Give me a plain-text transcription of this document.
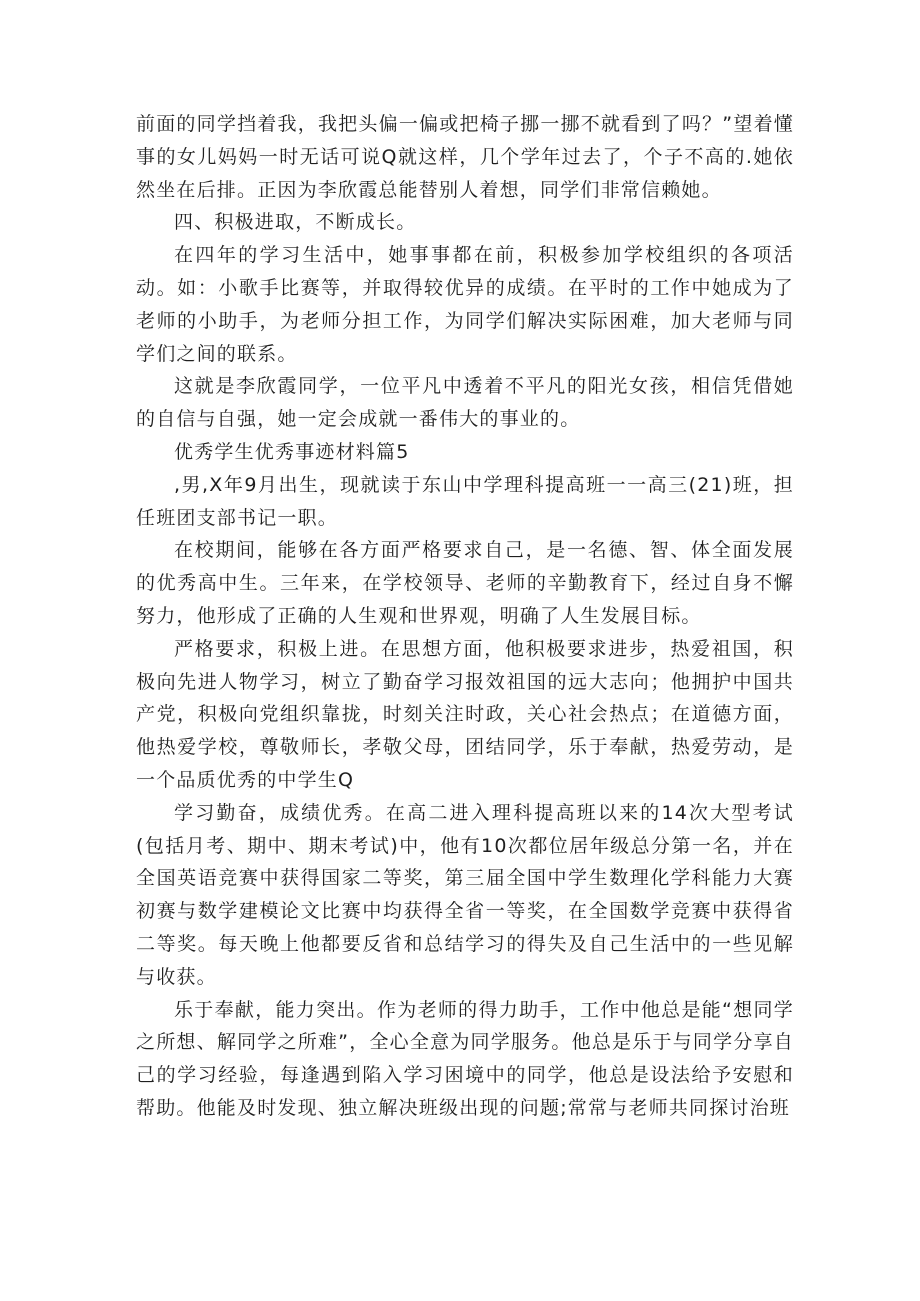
前面的同学挡着我，我把头偏一偏或把椅子挪一挪不就看到了吗？”望着懂事的女儿妈妈一时无话可说Q就这样，几个学年过去了，个子不高的.她依然坐在后排。正因为李欣霞总能替别人着想，同学们非常信赖她。

四、积极进取，不断成长。

在四年的学习生活中，她事事都在前，积极参加学校组织的各项活动。如：小歌手比赛等，并取得较优异的成绩。在平时的工作中她成为了老师的小助手，为老师分担工作，为同学们解决实际困难，加大老师与同学们之间的联系。

这就是李欣霞同学，一位平凡中透着不平凡的阳光女孩，相信凭借她的自信与自强，她一定会成就一番伟大的事业的。

优秀学生优秀事迹材料篇5

,男,X年9月出生，现就读于东山中学理科提高班一一高三(21)班，担任班团支部书记一职。

在校期间，能够在各方面严格要求自己，是一名德、智、体全面发展的优秀高中生。三年来，在学校领导、老师的辛勤教育下，经过自身不懈努力，他形成了正确的人生观和世界观，明确了人生发展目标。

严格要求，积极上进。在思想方面，他积极要求进步，热爱祖国，积极向先进人物学习，树立了勤奋学习报效祖国的远大志向；他拥护中国共产党，积极向党组织靠拢，时刻关注时政，关心社会热点；在道德方面，他热爱学校，尊敬师长，孝敬父母，团结同学，乐于奉献，热爱劳动，是一个品质优秀的中学生Q

学习勤奋，成绩优秀。在高二进入理科提高班以来的14次大型考试(包括月考、期中、期末考试)中，他有10次都位居年级总分第一名，并在全国英语竞赛中获得国家二等奖，第三届全国中学生数理化学科能力大赛初赛与数学建模论文比赛中均获得全省一等奖，在全国数学竞赛中获得省二等奖。每天晚上他都要反省和总结学习的得失及自己生活中的一些见解与收获。

乐于奉献，能力突出。作为老师的得力助手，工作中他总是能“想同学之所想、解同学之所难”，全心全意为同学服务。他总是乐于与同学分享自己的学习经验，每逢遇到陷入学习困境中的同学，他总是设法给予安慰和帮助。他能及时发现、独立解决班级出现的问题;常常与老师共同探讨治班
